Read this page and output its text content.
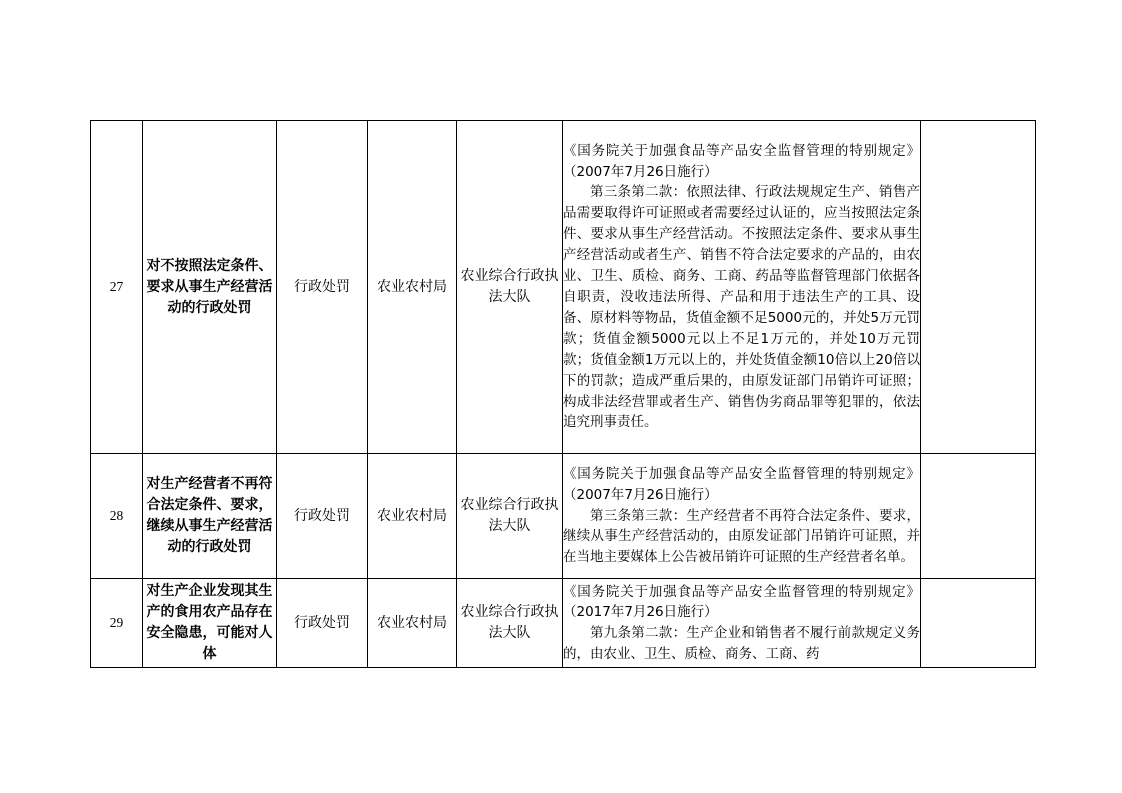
27	对不按照法定条件、要求从事生产经营活动的行政处罚	行政处罚	农业农村局	农业综合行政执法大队	《国务院关于加强食品等产品安全监督管理的特别规定》（2007年7月26日施行）
第三条第二款：依照法律、行政法规规定生产、销售产品需要取得许可证照或者需要经过认证的，应当按照法定条件、要求从事生产经营活动。不按照法定条件、要求从事生产经营活动或者生产、销售不符合法定要求的产品的，由农业、卫生、质检、商务、工商、药品等监督管理部门依据各自职责，没收违法所得、产品和用于违法生产的工具、设备、原材料等物品，货值金额不足5000元的，并处5万元罚款；货值金额5000元以上不足1万元的，并处10万元罚款；货值金额1万元以上的，并处货值金额10倍以上20倍以下的罚款；造成严重后果的，由原发证部门吊销许可证照；构成非法经营罪或者生产、销售伪劣商品罪等犯罪的，依法追究刑事责任。	

28	对生产经营者不再符合法定条件、要求，继续从事生产经营活动的行政处罚	行政处罚	农业农村局	农业综合行政执法大队	《国务院关于加强食品等产品安全监督管理的特别规定》（2007年7月26日施行）
第三条第三款：生产经营者不再符合法定条件、要求，继续从事生产经营活动的，由原发证部门吊销许可证照，并在当地主要媒体上公告被吊销许可证照的生产经营者名单。	

29	对生产企业发现其生产的食用农产品存在安全隐患，可能对人体	行政处罚	农业农村局	农业综合行政执法大队	《国务院关于加强食品等产品安全监督管理的特别规定》（2017年7月26日施行）
第九条第二款：生产企业和销售者不履行前款规定义务的，由农业、卫生、质检、商务、工商、药	
